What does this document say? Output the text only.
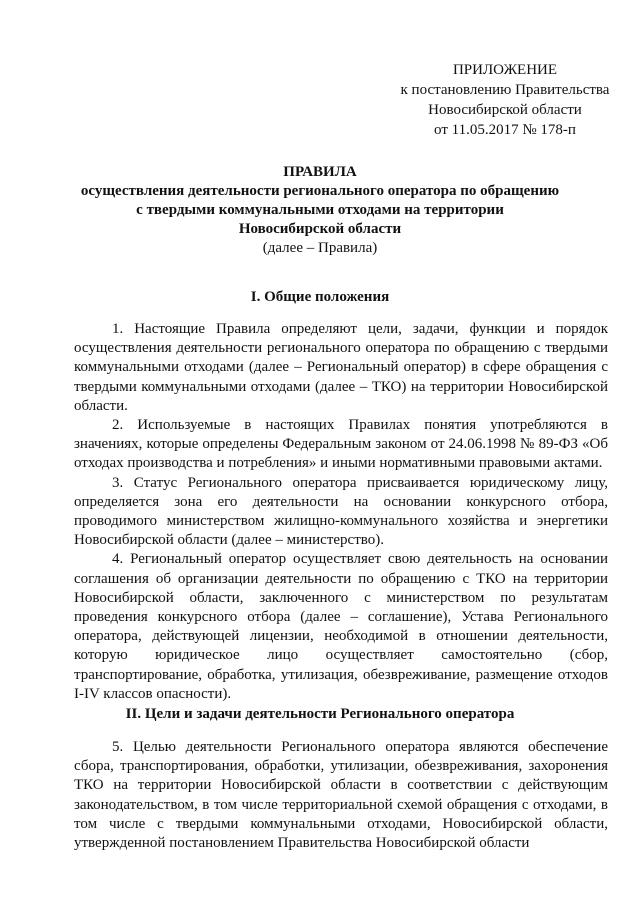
ПРИЛОЖЕНИЕ
к постановлению Правительства
Новосибирской области
от 11.05.2017 № 178-п
ПРАВИЛА
осуществления деятельности регионального оператора по обращению
с твердыми коммунальными отходами на территории
Новосибирской области
(далее – Правила)
I. Общие положения

1. Настоящие Правила определяют цели, задачи, функции и порядок осуществления деятельности регионального оператора по обращению с твердыми коммунальными отходами (далее – Региональный оператор) в сфере обращения с твердыми коммунальными отходами (далее – ТКО) на территории Новосибирской области.

2. Используемые в настоящих Правилах понятия употребляются в значениях, которые определены Федеральным законом от 24.06.1998 № 89-ФЗ «Об отходах производства и потребления» и иными нормативными правовыми актами.

3. Статус Регионального оператора присваивается юридическому лицу, определяется зона его деятельности на основании конкурсного отбора, проводимого министерством жилищно-коммунального хозяйства и энергетики Новосибирской области (далее – министерство).

4. Региональный оператор осуществляет свою деятельность на основании соглашения об организации деятельности по обращению с ТКО на территории Новосибирской области, заключенного с министерством по результатам проведения конкурсного отбора (далее – соглашение), Устава Регионального оператора, действующей лицензии, необходимой в отношении деятельности, которую юридическое лицо осуществляет самостоятельно (сбор, транспортирование, обработка, утилизация, обезвреживание, размещение отходов I-IV классов опасности).

II. Цели и задачи деятельности Регионального оператора

5. Целью деятельности Регионального оператора являются обеспечение сбора, транспортирования, обработки, утилизации, обезвреживания, захоронения ТКО на территории Новосибирской области в соответствии с действующим законодательством, в том числе территориальной схемой обращения с отходами, в том числе с твердыми коммунальными отходами, Новосибирской области, утвержденной постановлением Правительства Новосибирской области
